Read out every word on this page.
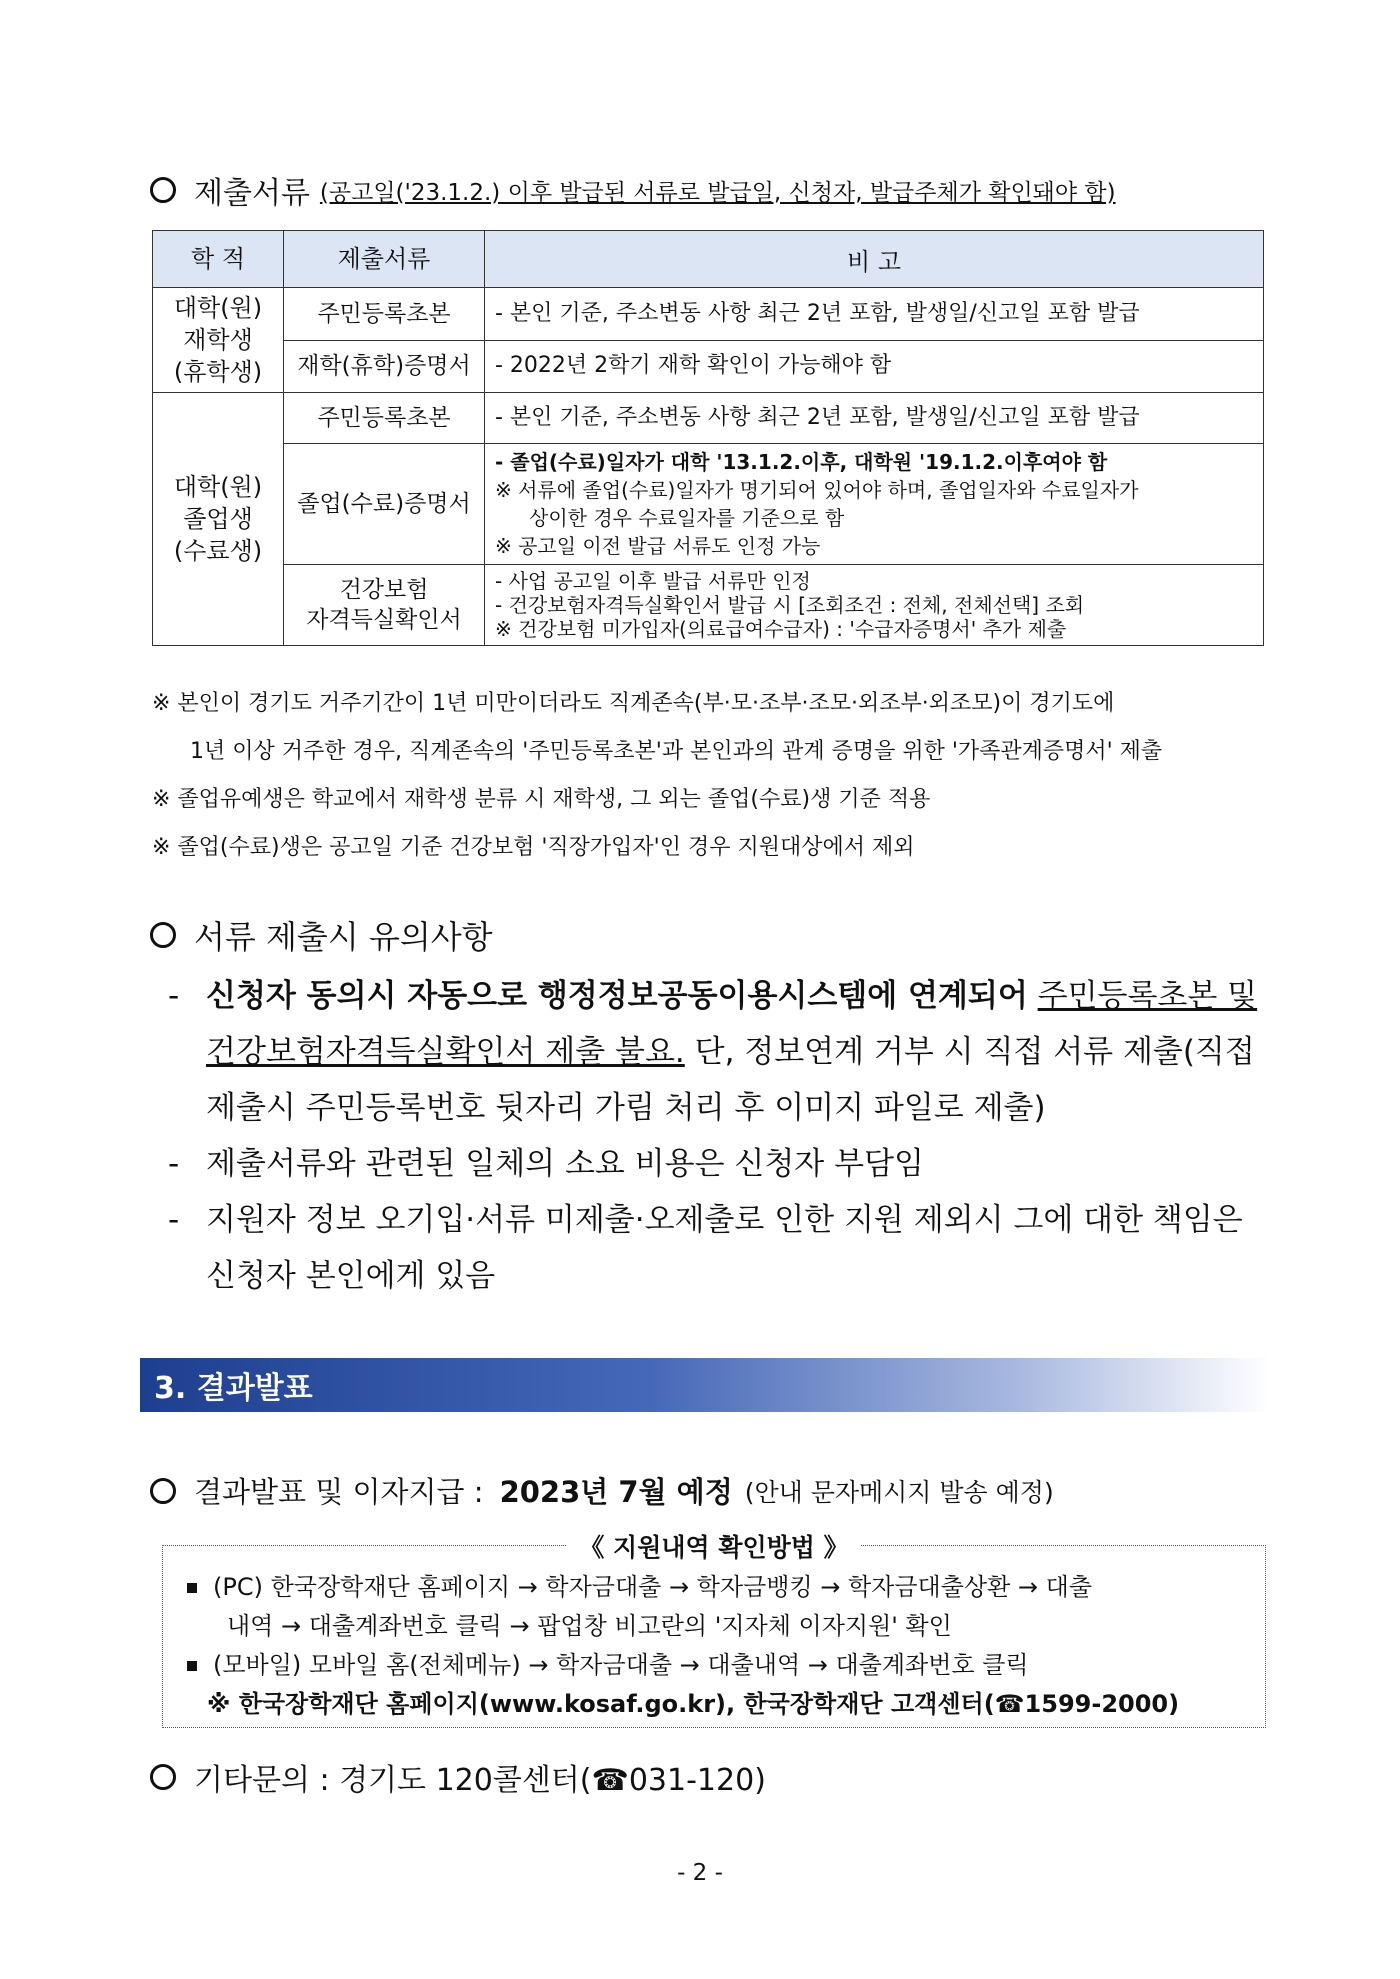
제출서류 (공고일('23.1.2.) 이후 발급된 서류로 발급일, 신청자, 발급주체가 확인돼야 함)
학 적	제출서류	비 고

대학(원)
재학생
(휴학생)	주민등록초본	- 본인 기준, 주소변동 사항 최근 2년 포함, 발생일/신고일 포함 발급

	재학(휴학)증명서	- 2022년 2학기 재학 확인이 가능해야 함

대학(원)
졸업생
(수료생)	주민등록초본	- 본인 기준, 주소변동 사항 최근 2년 포함, 발생일/신고일 포함 발급

	졸업(수료)증명서	- 졸업(수료)일자가 대학 '13.1.2.이후, 대학원 '19.1.2.이후여야 함
※ 서류에 졸업(수료)일자가 명기되어 있어야 하며, 졸업일자와 수료일자가
상이한 경우 수료일자를 기준으로 함
※ 공고일 이전 발급 서류도 인정 가능

	건강보험
자격득실확인서	- 사업 공고일 이후 발급 서류만 인정
- 건강보험자격득실확인서 발급 시 [조회조건 : 전체, 전체선택] 조회
※ 건강보험 미가입자(의료급여수급자) : '수급자증명서' 추가 제출
※ 본인이 경기도 거주기간이 1년 미만이더라도 직계존속(부·모·조부·조모·외조부·외조모)이 경기도에
1년 이상 거주한 경우, 직계존속의 '주민등록초본'과 본인과의 관계 증명을 위한 '가족관계증명서' 제출
※ 졸업유예생은 학교에서 재학생 분류 시 재학생, 그 외는 졸업(수료)생 기준 적용
※ 졸업(수료)생은 공고일 기준 건강보험 '직장가입자'인 경우 지원대상에서 제외
서류 제출시 유의사항
- 신청자 동의시 자동으로 행정정보공동이용시스템에 연계되어 주민등록초본 및 건강보험자격득실확인서 제출 불요. 단, 정보연계 거부 시 직접 서류 제출(직접 제출시 주민등록번호 뒷자리 가림 처리 후 이미지 파일로 제출)
- 제출서류와 관련된 일체의 소요 비용은 신청자 부담임
- 지원자 정보 오기입·서류 미제출·오제출로 인한 지원 제외시 그에 대한 책임은 신청자 본인에게 있음
3. 결과발표
결과발표 및 이자지급 : 2023년 7월 예정 (안내 문자메시지 발송 예정)
《 지원내역 확인방법 》
(PC) 한국장학재단 홈페이지 → 학자금대출 → 학자금뱅킹 → 학자금대출상환 → 대출
내역 → 대출계좌번호 클릭 → 팝업창 비고란의 '지자체 이자지원' 확인
(모바일) 모바일 홈(전체메뉴) → 학자금대출 → 대출내역 → 대출계좌번호 클릭
※ 한국장학재단 홈페이지(www.kosaf.go.kr), 한국장학재단 고객센터(☎1599-2000)
기타문의 : 경기도 120콜센터(☎031-120)
- 2 -
